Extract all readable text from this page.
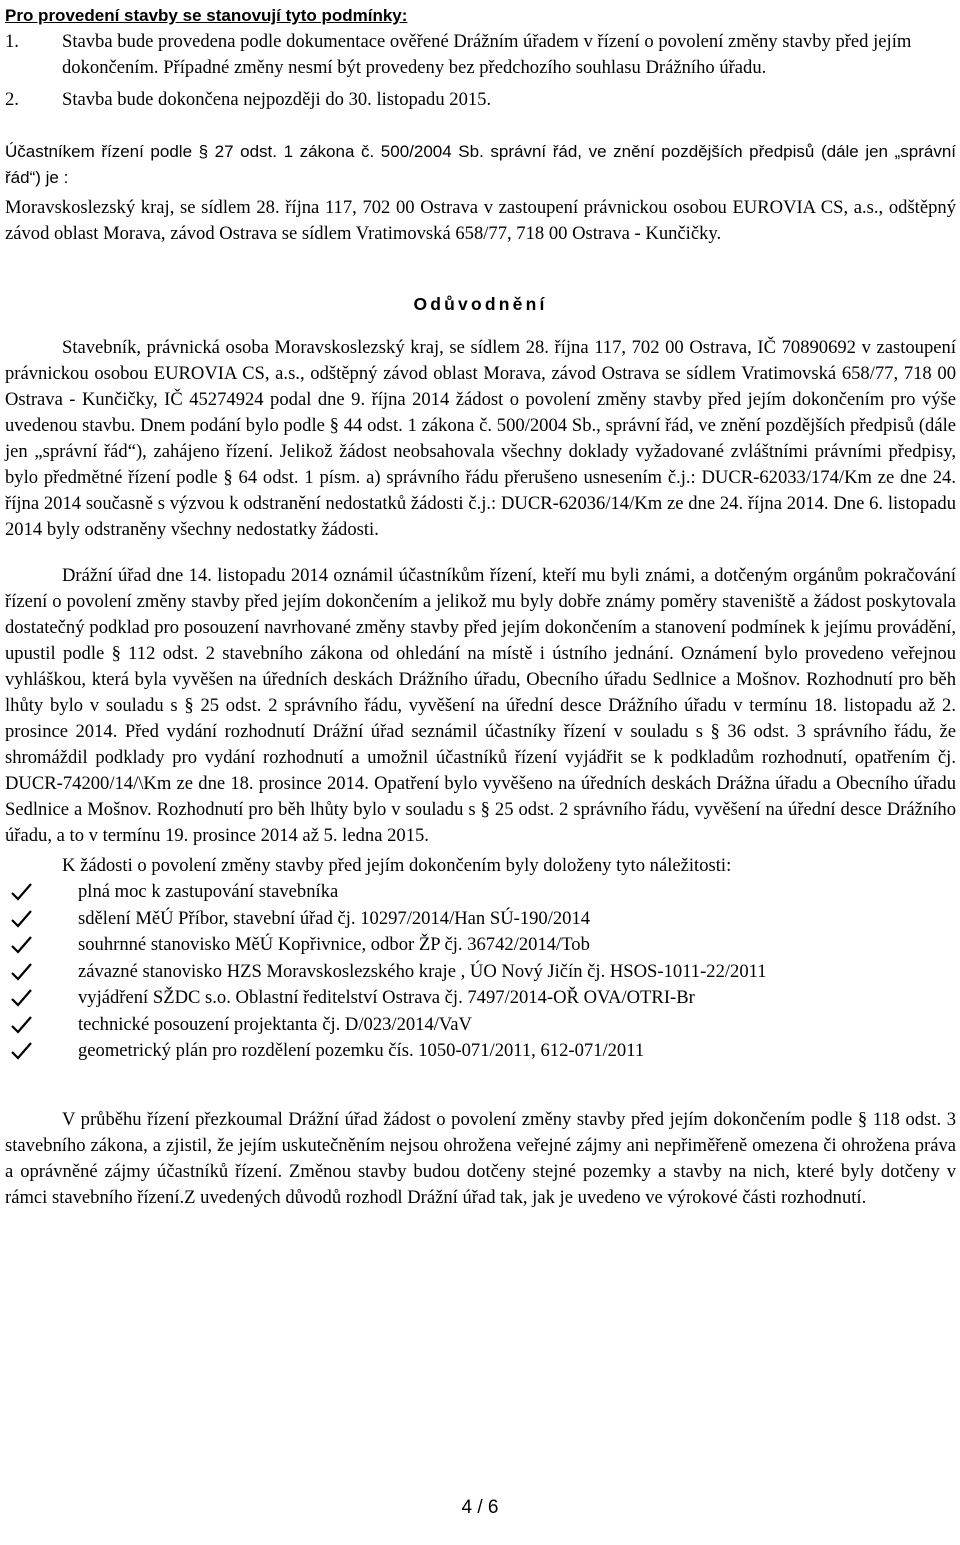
Pro provedení stavby se stanovují tyto podmínky:

1.	Stavba bude provedena podle dokumentace ověřené Drážním úřadem v řízení o povolení změny stavby před jejím dokončením. Případné změny nesmí být provedeny bez předchozího souhlasu Drážního úřadu.
2.	Stavba bude dokončena nejpozději do 30. listopadu 2015.

Účastníkem řízení podle § 27 odst. 1 zákona č. 500/2004 Sb. správní řád, ve znění pozdějších předpisů (dále jen „správní řád“) je :

Moravskoslezský kraj, se sídlem 28. října 117, 702 00 Ostrava v zastoupení právnickou osobou EUROVIA CS, a.s., odštěpný závod oblast Morava, závod Ostrava se sídlem Vratimovská 658/77, 718 00 Ostrava - Kunčičky.

Odůvodnění

Stavebník, právnická osoba Moravskoslezský kraj, se sídlem 28. října 117, 702 00 Ostrava, IČ 70890692 v zastoupení právnickou osobou EUROVIA CS, a.s., odštěpný závod oblast Morava, závod Ostrava se sídlem Vratimovská 658/77, 718 00 Ostrava - Kunčičky, IČ 45274924 podal dne 9. října 2014 žádost o povolení změny stavby před jejím dokončením pro výše uvedenou stavbu. Dnem podání bylo podle § 44 odst. 1 zákona č. 500/2004 Sb., správní řád, ve znění pozdějších předpisů (dále jen „správní řád“), zahájeno řízení. Jelikož žádost neobsahovala všechny doklady vyžadované zvláštními právními předpisy, bylo předmětné řízení podle § 64 odst. 1 písm. a) správního řádu přerušeno usnesením č.j.: DUCR-62033/174/Km ze dne 24. října 2014 současně s výzvou k odstranění nedostatků žádosti č.j.: DUCR-62036/14/Km ze dne 24. října 2014. Dne 6. listopadu 2014 byly odstraněny všechny nedostatky žádosti.

Drážní úřad dne 14. listopadu 2014 oznámil účastníkům řízení, kteří mu byli známi, a dotčeným orgánům pokračování řízení o povolení změny stavby před jejím dokončením a jelikož mu byly dobře známy poměry staveniště a žádost poskytovala dostatečný podklad pro posouzení navrhované změny stavby před jejím dokončením a stanovení podmínek k jejímu provádění, upustil podle § 112 odst. 2 stavebního zákona od ohledání na místě i ústního jednání. Oznámení bylo provedeno veřejnou vyhláškou, která byla vyvěšen na úředních deskách Drážního úřadu, Obecního úřadu Sedlnice a Mošnov. Rozhodnutí pro běh lhůty bylo v souladu s § 25 odst. 2 správního řádu, vyvěšení na úřední desce Drážního úřadu v termínu 18. listopadu až 2. prosince 2014. Před vydání rozhodnutí Drážní úřad seznámil účastníky řízení v souladu s § 36 odst. 3 správního řádu, že shromáždil podklady pro vydání rozhodnutí a umožnil účastníků řízení vyjádřit se k podkladům rozhodnutí, opatřením čj. DUCR-74200/14/\Km ze dne 18. prosince 2014. Opatření bylo vyvěšeno na úředních deskách Drážna úřadu a Obecního úřadu Sedlnice a Mošnov. Rozhodnutí pro běh lhůty bylo v souladu s § 25 odst. 2 správního řádu, vyvěšení na úřední desce Drážního úřadu, a to v termínu 19. prosince 2014 až 5. ledna 2015.

K žádosti o povolení změny stavby před jejím dokončením byly doloženy tyto náležitosti:

plná moc k zastupování stavebníka
sdělení MěÚ Příbor, stavební úřad čj. 10297/2014/Han SÚ-190/2014
souhrnné stanovisko MěÚ Kopřivnice, odbor ŽP čj. 36742/2014/Tob
závazné stanovisko HZS Moravskoslezského kraje , ÚO Nový Jičín čj. HSOS-1011-22/2011
vyjádření SŽDC s.o. Oblastní ředitelství Ostrava čj. 7497/2014-OŘ OVA/OTRI-Br
technické posouzení projektanta čj. D/023/2014/VaV
geometrický plán pro rozdělení pozemku čís. 1050-071/2011, 612-071/2011

V průběhu řízení přezkoumal Drážní úřad žádost o povolení změny stavby před jejím dokončením podle § 118 odst. 3 stavebního zákona, a zjistil, že jejím uskutečněním nejsou ohrožena veřejné zájmy ani nepřiměřeně omezena či ohrožena práva a oprávněné zájmy účastníků řízení. Změnou stavby budou dotčeny stejné pozemky a stavby na nich, které byly dotčeny v rámci stavebního řízení.Z uvedených důvodů rozhodl Drážní úřad tak, jak je uvedeno ve výrokové části rozhodnutí.

4 / 6
